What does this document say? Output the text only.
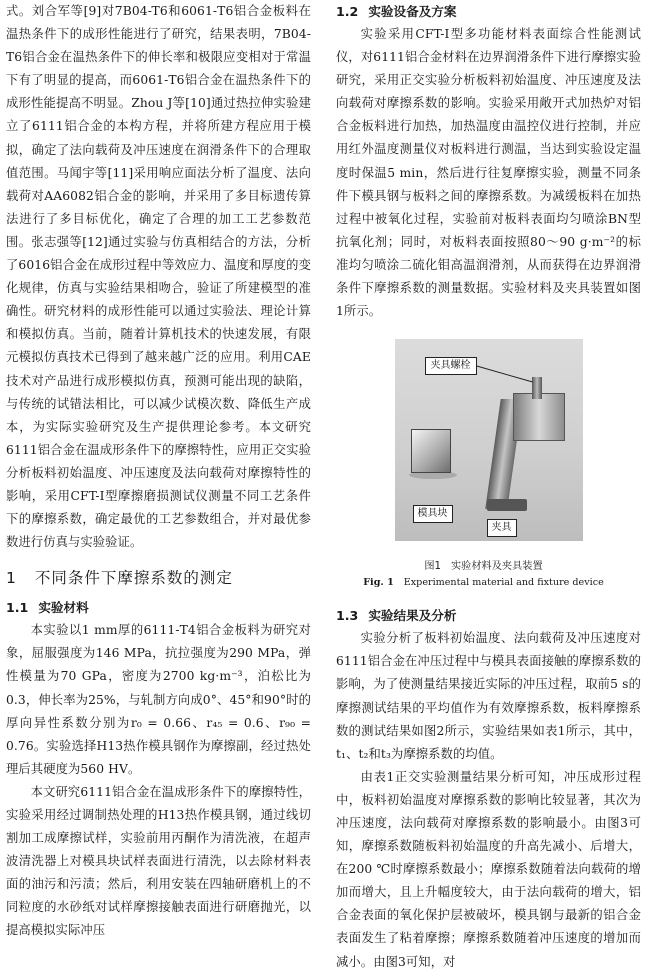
式。刘合军等[9]对7B04-T6和6061-T6铝合金板料在温热条件下的成形性能进行了研究，结果表明，7B04-T6铝合金在温热条件下的伸长率和极限应变相对于常温下有了明显的提高，而6061-T6铝合金在温热条件下的成形性能提高不明显。Zhou J等[10]通过热拉伸实验建立了6111铝合金的本构方程，并将所建方程应用于模拟，确定了法向载荷及冲压速度在润滑条件下的合理取值范围。马闻宇等[11]采用响应面法分析了温度、法向载荷对AA6082铝合金的影响，并采用了多目标遗传算法进行了多目标优化，确定了合理的加工工艺参数范围。张志强等[12]通过实验与仿真相结合的方法，分析了6016铝合金在成形过程中等效应力、温度和厚度的变化规律，仿真与实验结果相吻合，验证了所建模型的准确性。研究材料的成形性能可以通过实验法、理论计算和模拟仿真。当前，随着计算机技术的快速发展，有限元模拟仿真技术已得到了越来越广泛的应用。利用CAE技术对产品进行成形模拟仿真，预测可能出现的缺陷，与传统的试错法相比，可以减少试模次数、降低生产成本，为实际实验研究及生产提供理论参考。本文研究6111铝合金在温成形条件下的摩擦特性，应用正交实验分析板料初始温度、冲压速度及法向载荷对摩擦特性的影响，采用CFT-I型摩擦磨损测试仪测量不同工艺条件下的摩擦系数，确定最优的工艺参数组合，并对最优参数进行仿真与实验验证。

1 不同条件下摩擦系数的测定
1.1 实验材料

本实验以1 mm厚的6111-T4铝合金板料为研究对象，屈服强度为146 MPa，抗拉强度为290 MPa，弹性模量为70 GPa，密度为2700 kg·m⁻³，泊松比为0.3，伸长率为25%，与轧制方向成0°、45°和90°时的厚向异性系数分别为r₀ = 0.66、r₄₅ = 0.6、r₉₀ = 0.76。实验选择H13热作模具钢作为摩擦副，经过热处理后其硬度为560 HV。

本文研究6111铝合金在温成形条件下的摩擦特性，实验采用经过调制热处理的H13热作模具钢，通过线切割加工成摩擦试样，实验前用丙酮作为清洗液，在超声波清洗器上对模具块试样表面进行清洗，以去除材料表面的油污和污渍；然后，利用安装在四轴研磨机上的不同粒度的水砂纸对试样摩擦接触表面进行研磨抛光，以提高模拟实际冲压

1.2 实验设备及方案

实验采用CFT-I型多功能材料表面综合性能测试仪，对6111铝合金材料在边界润滑条件下进行摩擦实验研究，采用正交实验分析板料初始温度、冲压速度及法向载荷对摩擦系数的影响。实验采用敞开式加热炉对铝合金板料进行加热，加热温度由温控仪进行控制，并应用红外温度测量仪对板料进行测温，当达到实验设定温度时保温5 min，然后进行往复摩擦实验，测量不同条件下模具钢与板料之间的摩擦系数。为减缓板料在加热过程中被氧化过程，实验前对板料表面均匀喷涂BN型抗氧化剂；同时，对板料表面按照80～90 g·m⁻²的标准均匀喷涂二硫化钼高温润滑剂，从而获得在边界润滑条件下摩擦系数的测量数据。实验材料及夹具装置如图1所示。

夹具螺栓
模具块
夹具

图1 实验材料及夹具装置

Fig. 1 Experimental material and fixture device

1.3 实验结果及分析

实验分析了板料初始温度、法向载荷及冲压速度对6111铝合金在冲压过程中与模具表面接触的摩擦系数的影响，为了使测量结果接近实际的冲压过程，取前5 s的摩擦测试结果的平均值作为有效摩擦系数，板料摩擦系数的测试结果如图2所示，实验结果如表1所示，其中，t₁、t₂和t₃为摩擦系数的均值。

由表1正交实验测量结果分析可知，冲压成形过程中，板料初始温度对摩擦系数的影响比较显著，其次为冲压速度，法向载荷对摩擦系数的影响最小。由图3可知，摩擦系数随板料初始温度的升高先减小、后增大，在200 ℃时摩擦系数最小；摩擦系数随着法向载荷的增加而增大，且上升幅度较大，由于法向载荷的增大，铝合金表面的氧化保护层被破坏，模具钢与最新的铝合金表面发生了粘着摩擦；摩擦系数随着冲压速度的增加而减小。由图3可知，对
